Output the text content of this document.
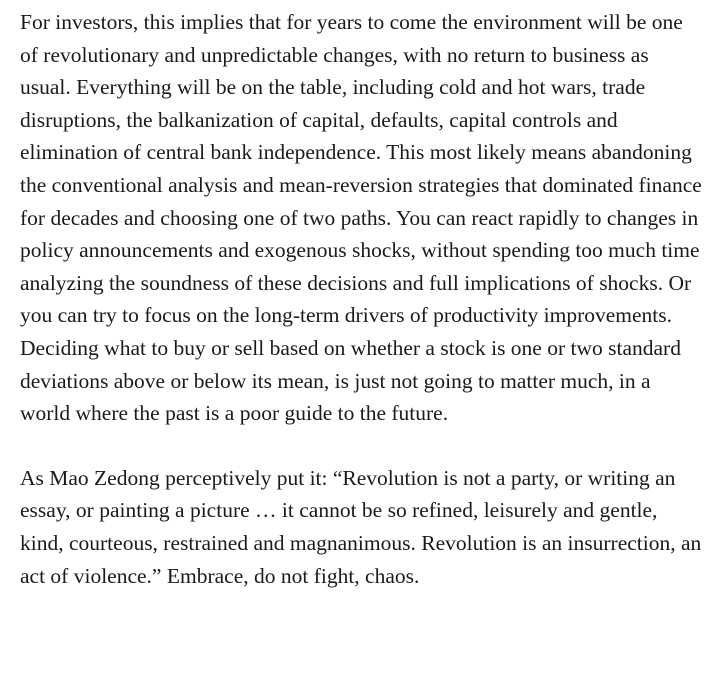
For investors, this implies that for years to come the environment will be one of revolutionary and unpredictable changes, with no return to business as usual. Everything will be on the table, including cold and hot wars, trade disruptions, the balkanization of capital, defaults, capital controls and elimination of central bank independence. This most likely means abandoning the conventional analysis and mean-reversion strategies that dominated finance for decades and choosing one of two paths. You can react rapidly to changes in policy announcements and exogenous shocks, without spending too much time analyzing the soundness of these decisions and full implications of shocks. Or you can try to focus on the long-term drivers of productivity improvements. Deciding what to buy or sell based on whether a stock is one or two standard deviations above or below its mean, is just not going to matter much, in a world where the past is a poor guide to the future.

As Mao Zedong perceptively put it: “Revolution is not a party, or writing an essay, or painting a picture … it cannot be so refined, leisurely and gentle, kind, courteous, restrained and magnanimous. Revolution is an insurrection, an act of violence.” Embrace, do not fight, chaos.
